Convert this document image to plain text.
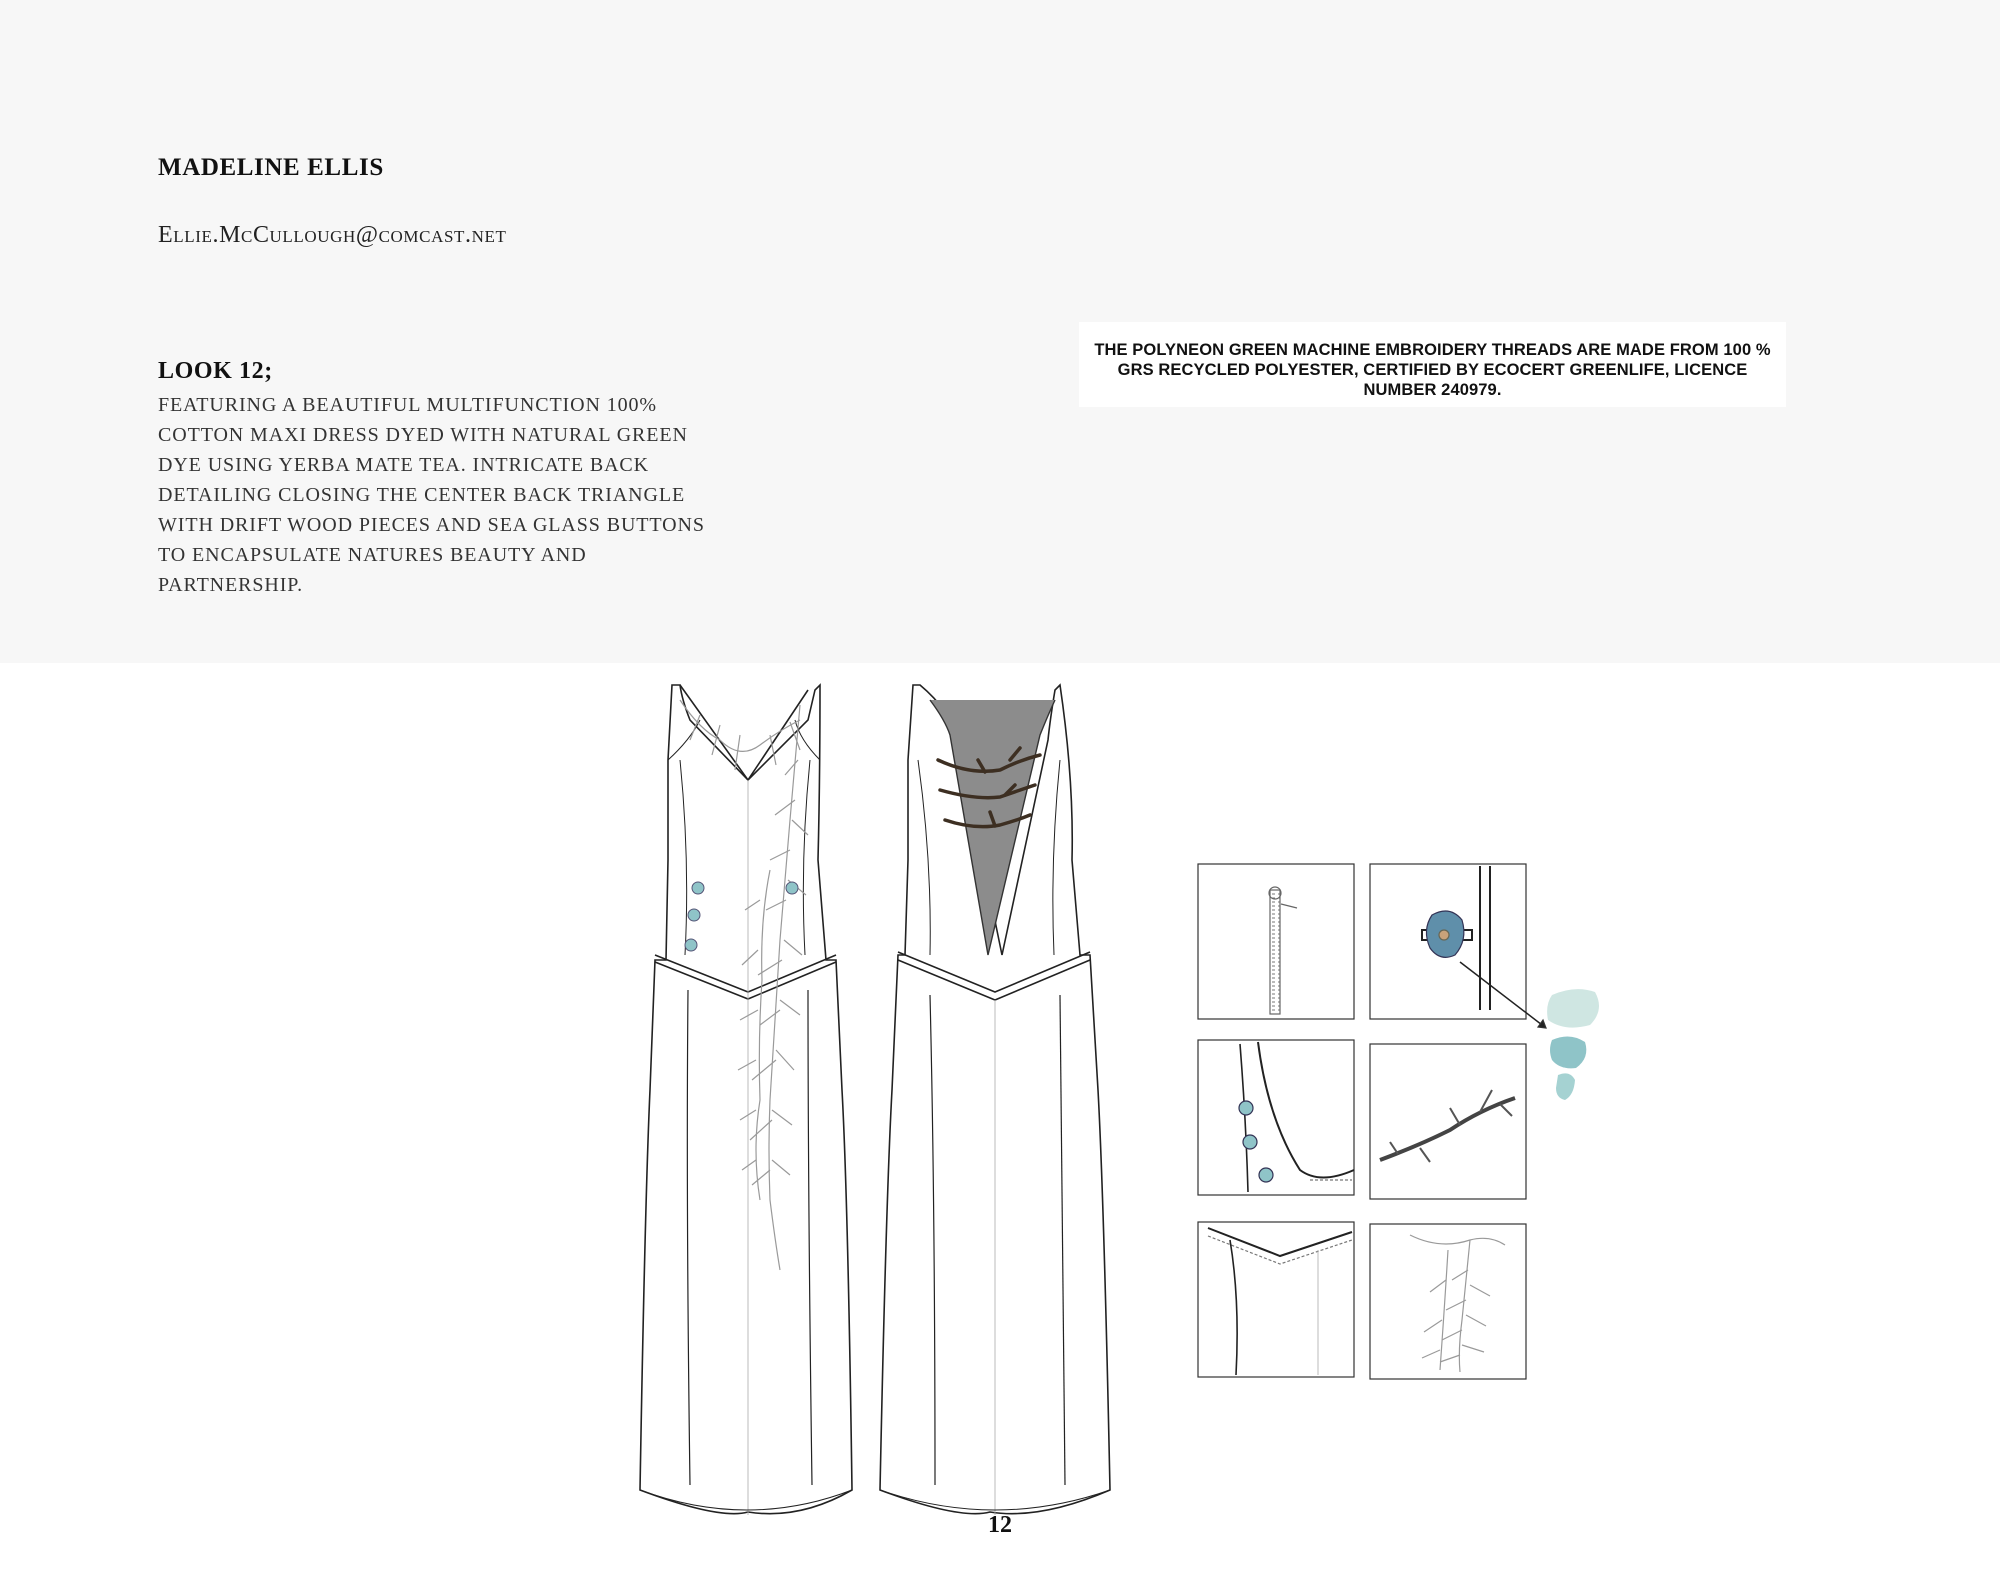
MADELINE ELLIS
Ellie.McCullough@comcast.net
LOOK 12;
FEATURING A BEAUTIFUL MULTIFUNCTION 100% COTTON MAXI DRESS DYED WITH NATURAL GREEN DYE USING YERBA MATE TEA. INTRICATE BACK DETAILING CLOSING THE CENTER BACK TRIANGLE WITH DRIFT WOOD PIECES AND SEA GLASS BUTTONS TO ENCAPSULATE NATURES BEAUTY AND PARTNERSHIP.
THE POLYNEON GREEN MACHINE EMBROIDERY THREADS ARE MADE FROM 100 % GRS RECYCLED POLYESTER, CERTIFIED BY ECOCERT GREENLIFE, LICENCE NUMBER 240979.
12
